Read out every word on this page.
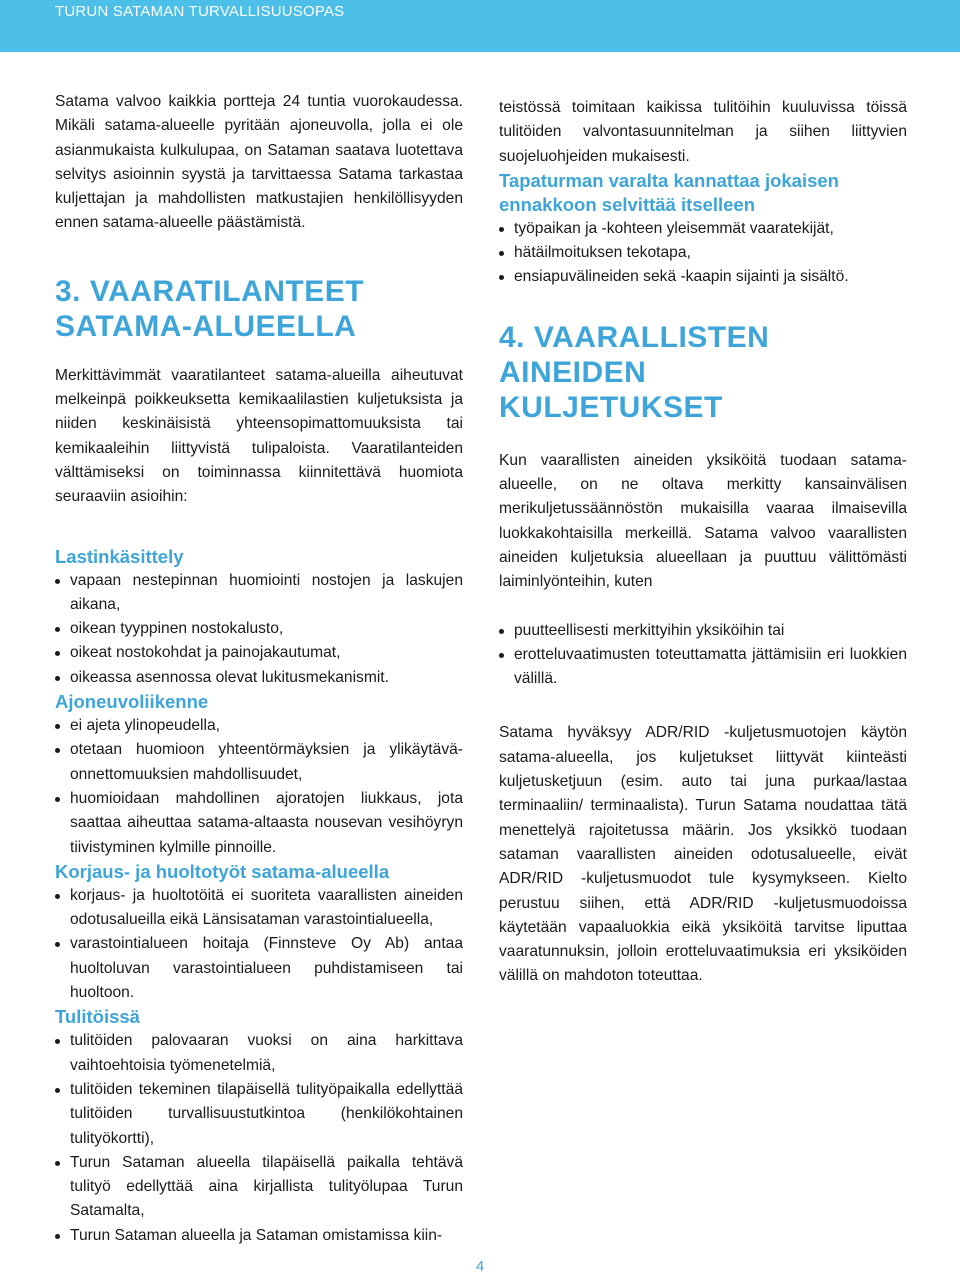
TURUN SATAMAN TURVALLISUUSOPAS

Satama valvoo kaikkia portteja 24 tuntia vuorokaudessa. Mikäli satama-alueelle pyritään ajoneuvolla, jolla ei ole asianmukaista kulkulupaa, on Sataman saatava luotettava selvitys asioinnin syystä ja tarvittaessa Satama tarkastaa kuljettajan ja mahdollisten matkustajien henkilöllisyyden ennen satama-alueelle päästämistä.

3. VAARATILANTEET
SATAMA-ALUEELLA

Merkittävimmät vaaratilanteet satama-alueilla aiheutuvat melkeinpä poikkeuksetta kemikaalilastien kuljetuksista ja niiden keskinäisistä yhteensopimattomuuksista tai kemikaaleihin liittyvistä tulipaloista. Vaaratilanteiden välttämiseksi on toiminnassa kiinnitettävä huomiota seuraaviin asioihin:

Lastinkäsittely
vapaan nestepinnan huomiointi nostojen ja laskujen aikana,
oikean tyyppinen nostokalusto,
oikeat nostokohdat ja painojakautumat,
oikeassa asennossa olevat lukitusmekanismit.
Ajoneuvoliikenne
ei ajeta ylinopeudella,
otetaan huomioon yhteentörmäyksien ja ylikäytäväonnettomuuksien mahdollisuudet,
huomioidaan mahdollinen ajoratojen liukkaus, jota saattaa aiheuttaa satama-altaasta nousevan vesihöyryn tiivistyminen kylmille pinnoille.
Korjaus- ja huoltotyöt satama-alueella
korjaus- ja huoltotöitä ei suoriteta vaarallisten aineiden odotusalueilla eikä Länsisataman varastointialueella,
varastointialueen hoitaja (Finnsteve Oy Ab) antaa huoltoluvan varastointialueen puhdistamiseen tai huoltoon.
Tulitöissä
tulitöiden palovaaran vuoksi on aina harkittava vaihtoehtoisia työmenetelmiä,
tulitöiden tekeminen tilapäisellä tulityöpaikalla edellyttää tulitöiden turvallisuustutkintoa (henkilökohtainen tulityökortti),
Turun Sataman alueella tilapäisellä paikalla tehtävä tulityö edellyttää aina kirjallista tulityölupaa Turun Satamalta,
Turun Sataman alueella ja Sataman omistamissa kiin-

teistössä toimitaan kaikissa tulitöihin kuuluvissa töissä tulitöiden valvontasuunnitelman ja siihen liittyvien suojeluohjeiden mukaisesti.

Tapaturman varalta kannattaa jokaisen ennakkoon selvittää itselleen
työpaikan ja -kohteen yleisemmät vaaratekijät,
hätäilmoituksen tekotapa,
ensiapuvälineiden sekä -kaapin sijainti ja sisältö.
4. VAARALLISTEN AINEIDEN
KULJETUKSET

Kun vaarallisten aineiden yksiköitä tuodaan satama-alueelle, on ne oltava merkitty kansainvälisen merikuljetussäännöstön mukaisilla vaaraa ilmaisevilla luokkakohtaisilla merkeillä. Satama valvoo vaarallisten aineiden kuljetuksia alueellaan ja puuttuu välittömästi laiminlyönteihin, kuten

puutteellisesti merkittyihin yksiköihin tai
erotteluvaatimusten toteuttamatta jättämisiin eri luokkien välillä.

Satama hyväksyy ADR/RID -kuljetusmuotojen käytön satama-alueella, jos kuljetukset liittyvät kiinteästi kuljetusketjuun (esim. auto tai juna purkaa/lastaa terminaaliin/ terminaalista). Turun Satama noudattaa tätä menettelyä rajoitetussa määrin. Jos yksikkö tuodaan sataman vaarallisten aineiden odotusalueelle, eivät ADR/RID -kuljetusmuodot tule kysymykseen. Kielto perustuu siihen, että ADR/RID -kuljetusmuodoissa käytetään vapaaluokkia eikä yksiköitä tarvitse liputtaa vaaratunnuksin, jolloin erotteluvaatimuksia eri yksiköiden välillä on mahdoton toteuttaa.

4
